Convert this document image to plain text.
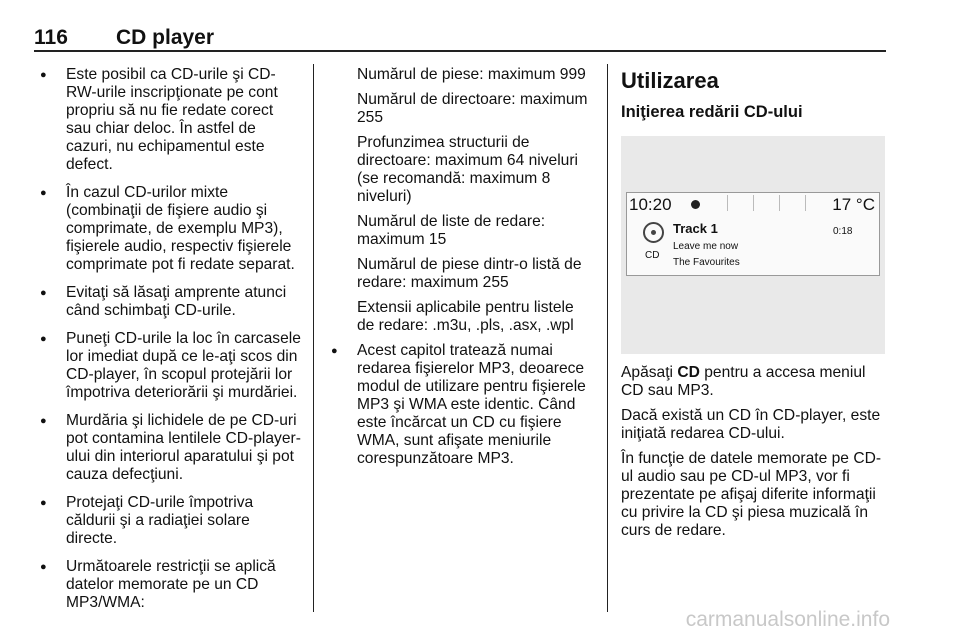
116 CD player
● Este posibil ca CD-urile şi CD-RW-urile inscripţionate pe cont propriu să nu fie redate corect sau chiar deloc. În astfel de cazuri, nu echipamentul este defect.
● În cazul CD-urilor mixte (combinaţii de fişiere audio şi comprimate, de exemplu MP3), fişierele audio, respectiv fişierele comprimate pot fi redate separat.
● Evitaţi să lăsaţi amprente atunci când schimbaţi CD-urile.
● Puneţi CD-urile la loc în carcasele lor imediat după ce le-aţi scos din CD-player, în scopul protejării lor împotriva deteriorării şi murdăriei.
● Murdăria şi lichidele de pe CD-uri pot contamina lentilele CD-player-ului din interiorul aparatului şi pot cauza defecţiuni.
● Protejaţi CD-urile împotriva căldurii şi a radiaţiei solare directe.
● Următoarele restricţii se aplică datelor memorate pe un CD MP3/WMA:

Numărul de piese: maximum 999

Numărul de directoare: maximum 255

Profunzimea structurii de directoare: maximum 64 niveluri (se recomandă: maximum 8 niveluri)

Numărul de liste de redare: maximum 15

Numărul de piese dintr-o listă de redare: maximum 255

Extensii aplicabile pentru listele de redare: .m3u, .pls, .asx, .wpl

● Acest capitol tratează numai redarea fişierelor MP3, deoarece modul de utilizare pentru fişierele MP3 şi WMA este identic. Când este încărcat un CD cu fişiere WMA, sunt afişate meniurile corespunzătoare MP3.
Utilizarea
Iniţierea redării CD-ului
10:20	17 °C
CD
Track 1
Leave me now
The Favourites
0:18

Apăsaţi CD pentru a accesa meniul CD sau MP3.

Dacă există un CD în CD-player, este iniţiată redarea CD-ului.

În funcţie de datele memorate pe CD-ul audio sau pe CD-ul MP3, vor fi prezentate pe afişaj diferite informaţii cu privire la CD şi piesa muzicală în curs de redare.

carmanualsonline.info
